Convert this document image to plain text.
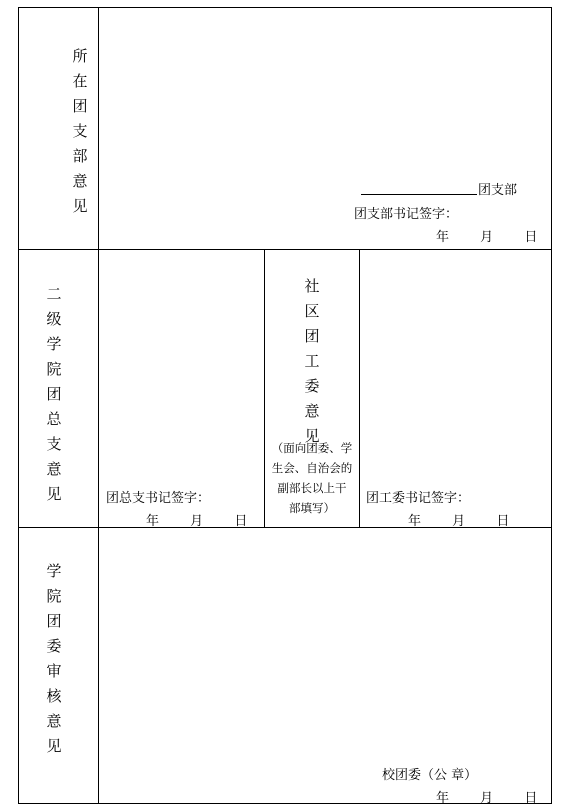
所
在
团
支
部
意
见
团支部
团支部书记签字：
年 月 日
二
级
学
院
团
总
支
意
见	团总支书记签字：
年 月 日
社
区
团
工
委
意
见
（面向团委、学
生会、自治会的
副部长以上干
部填写）
团工委书记签字：
年 月 日
学
院
团
委
审
核
意
见
校团委（公 章）
年 月 日
